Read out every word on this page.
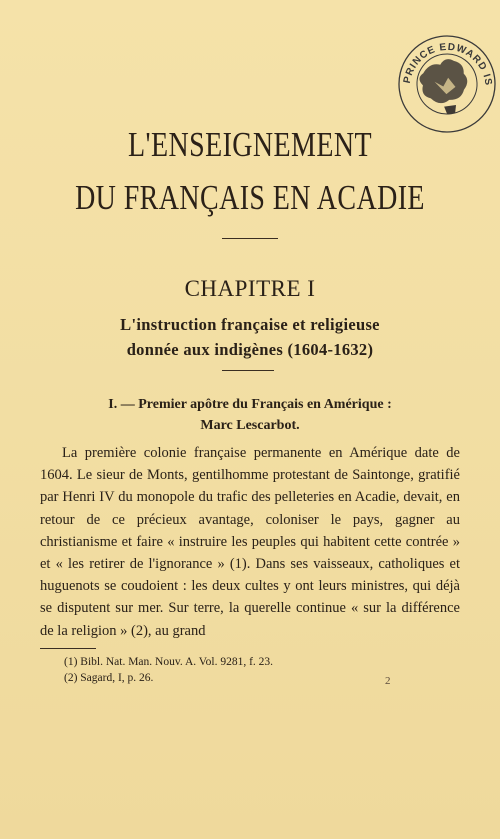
PRINCE EDWARD ISLAND
L'ENSEIGNEMENT
DU FRANÇAIS EN ACADIE
CHAPITRE I
L'instruction française et religieuse
donnée aux indigènes (1604-1632)
I. — Premier apôtre du Français en Amérique :
Marc Lescarbot.

La première colonie française permanente en Amérique date de 1604. Le sieur de Monts, gentilhomme protestant de Saintonge, gratifié par Henri IV du monopole du trafic des pelleteries en Acadie, devait, en retour de ce précieux avantage, coloniser le pays, gagner au christianisme et faire « instruire les peuples qui habitent cette contrée » et « les retirer de l'ignorance » (1). Dans ses vaisseaux, catholiques et huguenots se coudoient : les deux cultes y ont leurs ministres, qui déjà se disputent sur mer. Sur terre, la querelle continue « sur la différence de la religion » (2), au grand

(1) Bibl. Nat. Man. Nouv. A. Vol. 9281, f. 23.
(2) Sagard, I, p. 26.	2
